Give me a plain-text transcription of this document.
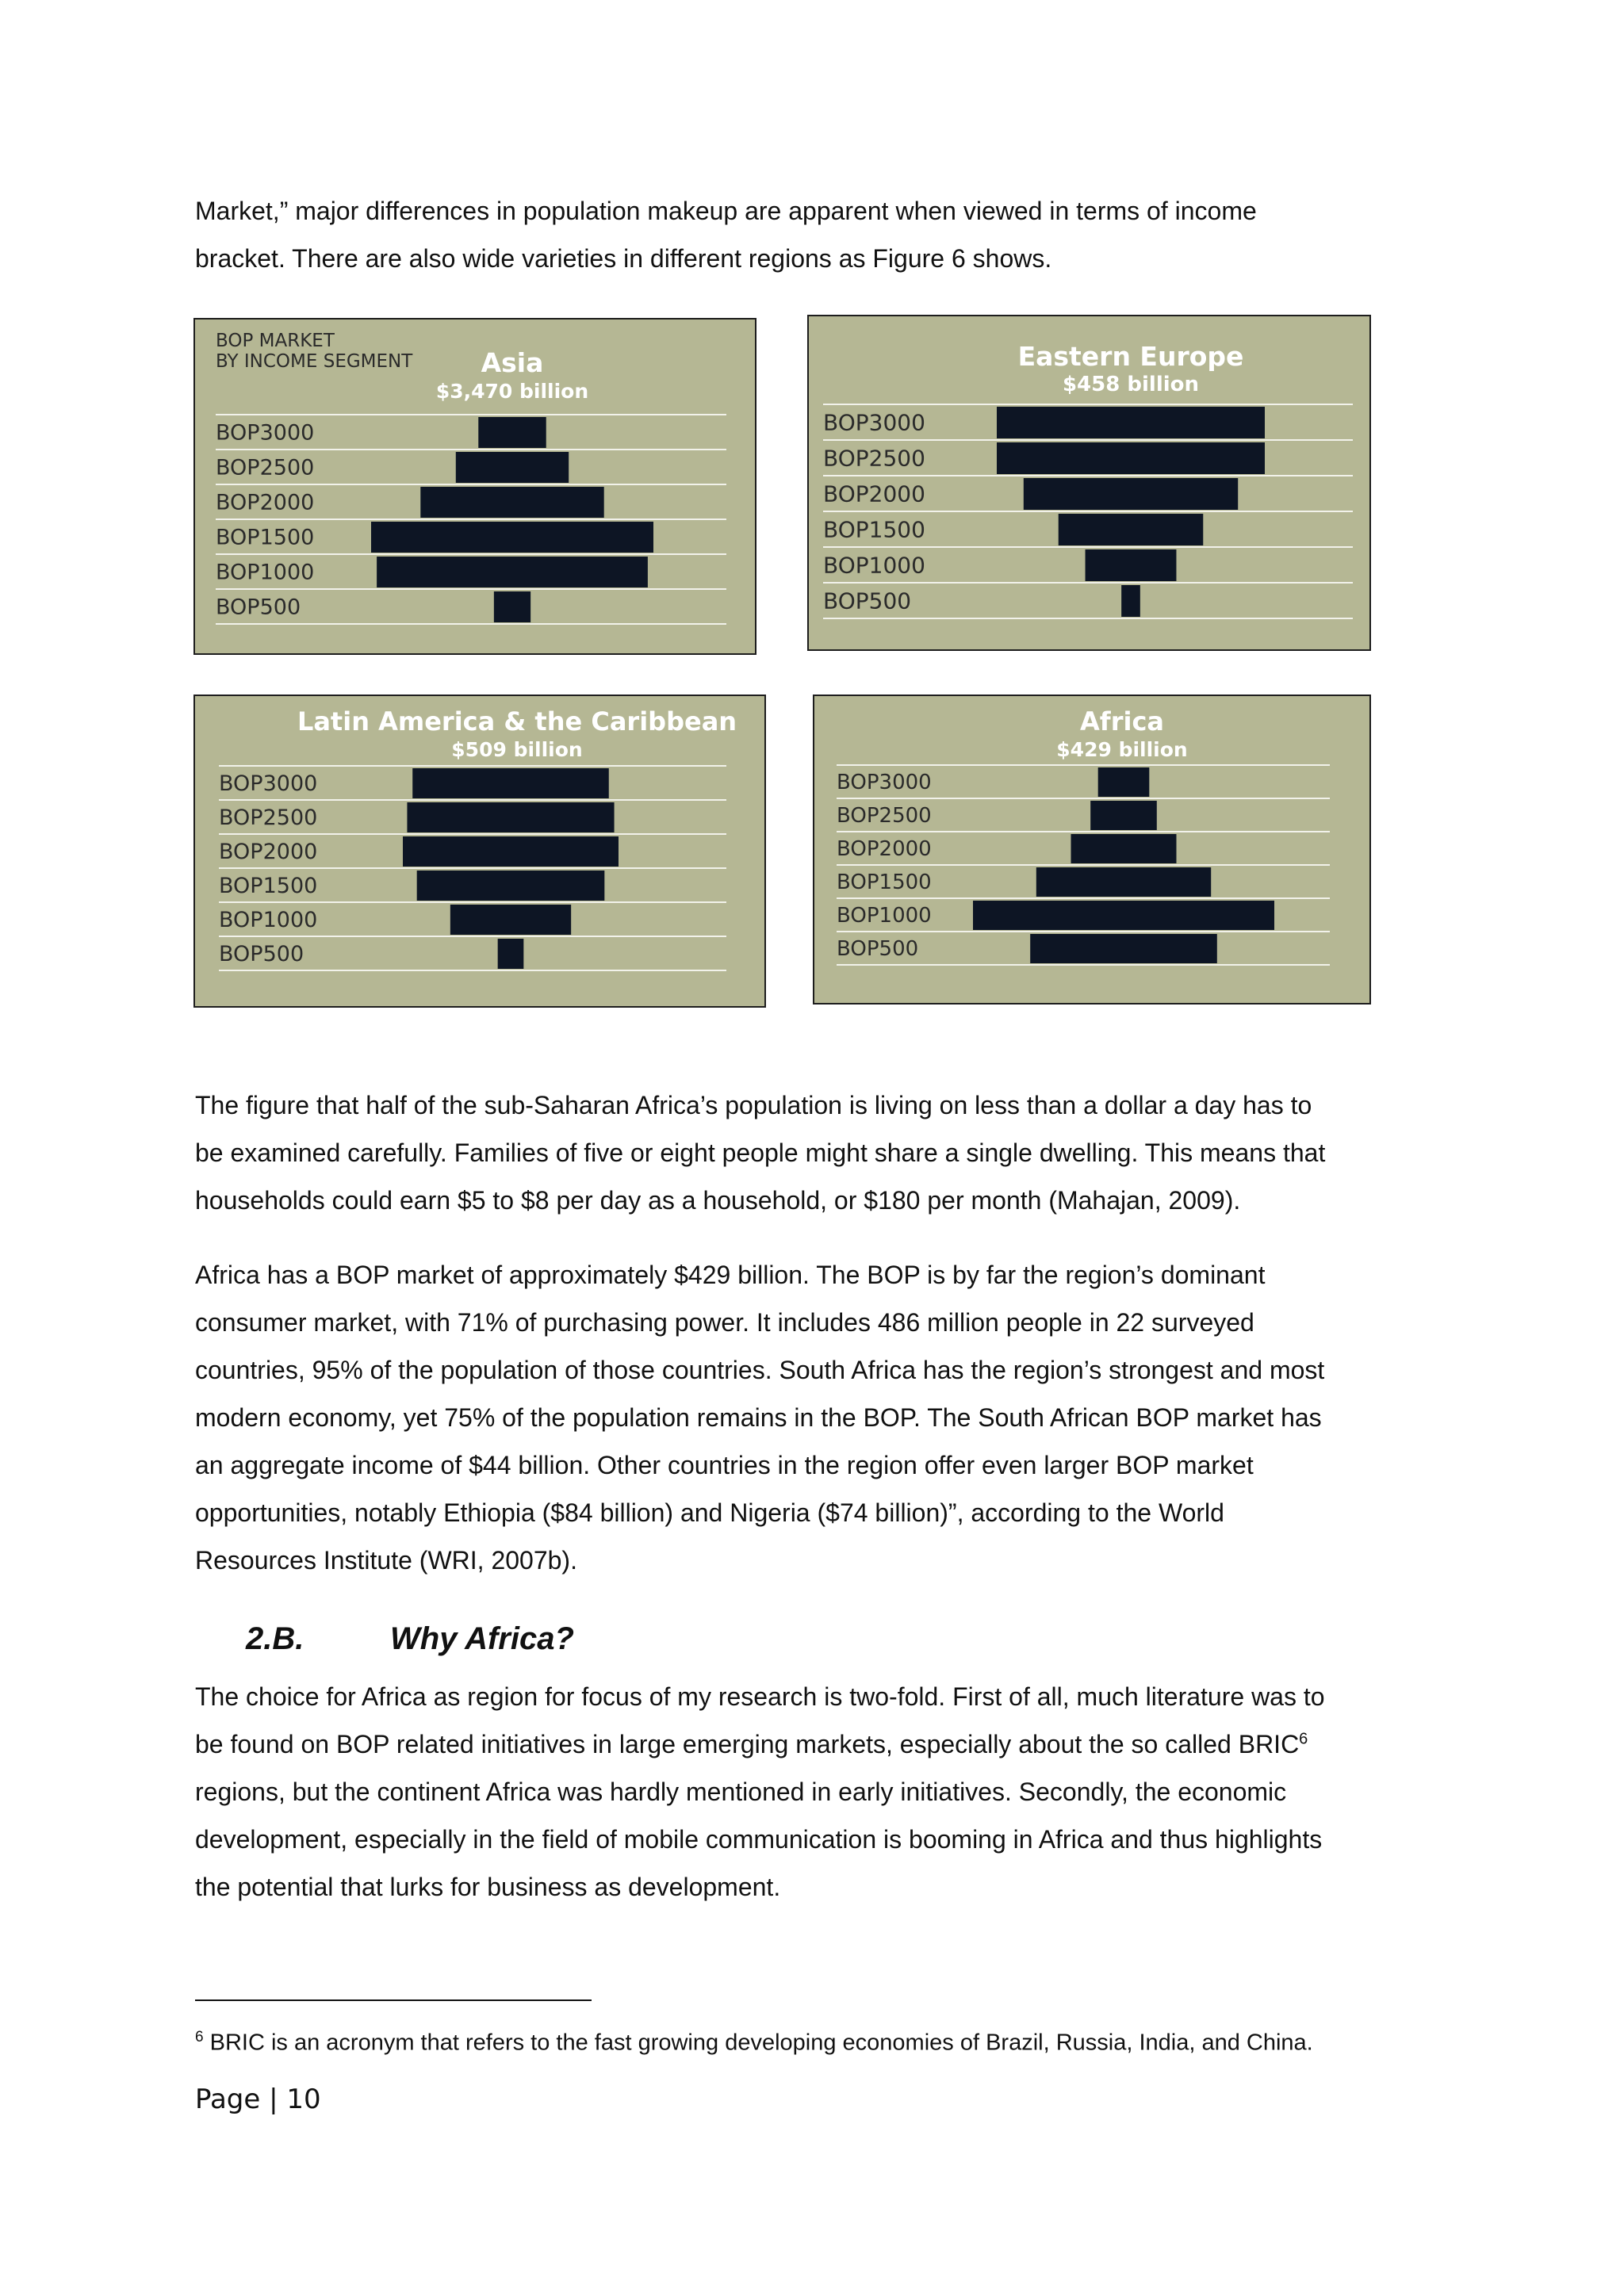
Market,” major differences in population makeup are apparent when viewed in terms of income

bracket. There are also wide varieties in different regions as Figure 6 shows.

BOP MARKET
BY INCOME SEGMENT	Asia
$3,470 billion
BOP3000
BOP2500
BOP2000
BOP1500
BOP1000
BOP500
Eastern Europe
$458 billion
BOP3000
BOP2500
BOP2000
BOP1500
BOP1000
BOP500
Latin America & the Caribbean
$509 billion
BOP3000
BOP2500
BOP2000
BOP1500
BOP1000
BOP500
Africa
$429 billion
BOP3000
BOP2500
BOP2000
BOP1500
BOP1000
BOP500

The figure that half of the sub-Saharan Africa’s population is living on less than a dollar a day has to

be examined carefully. Families of five or eight people might share a single dwelling. This means that

households could earn $5 to $8 per day as a household, or $180 per month (Mahajan, 2009).

Africa has a BOP market of approximately $429 billion. The BOP is by far the region’s dominant

consumer market, with 71% of purchasing power. It includes 486 million people in 22 surveyed

countries, 95% of the population of those countries. South Africa has the region’s strongest and most

modern economy, yet 75% of the population remains in the BOP. The South African BOP market has

an aggregate income of $44 billion. Other countries in the region offer even larger BOP market

opportunities, notably Ethiopia ($84 billion) and Nigeria ($74 billion)”, according to the World

Resources Institute (WRI, 2007b).

2.B.	Why Africa?

The choice for Africa as region for focus of my research is two-fold. First of all, much literature was to

be found on BOP related initiatives in large emerging markets, especially about the so called BRIC$^6$

regions, but the continent Africa was hardly mentioned in early initiatives. Secondly, the economic

development, especially in the field of mobile communication is booming in Africa and thus highlights

the potential that lurks for business as development.

$^6$ BRIC is an acronym that refers to the fast growing developing economies of Brazil, Russia, India, and China.

Page | 10
